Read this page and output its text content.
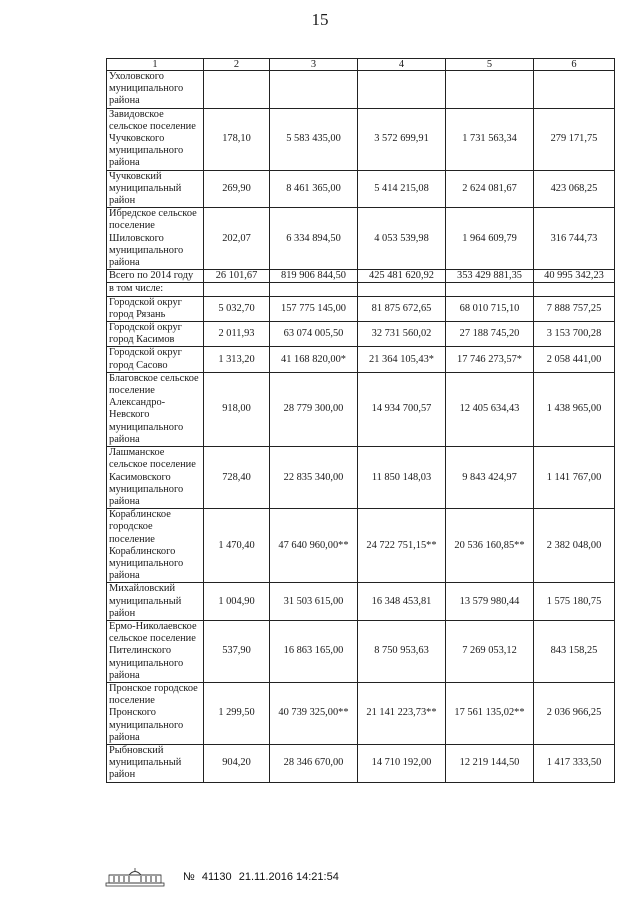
15
1	2	3	4	5	6
Ухоловского муниципального района					
Завидовское сельское поселение Чучковского муниципального района	178,10	5 583 435,00	3 572 699,91	1 731 563,34	279 171,75
Чучковский муниципальный район	269,90	8 461 365,00	5 414 215,08	2 624 081,67	423 068,25
Ибредское сельское поселение Шиловского муниципального района	202,07	6 334 894,50	4 053 539,98	1 964 609,79	316 744,73
Всего по 2014 году	26 101,67	819 906 844,50	425 481 620,92	353 429 881,35	40 995 342,23
в том числе:					
Городской округ город Рязань	5 032,70	157 775 145,00	81 875 672,65	68 010 715,10	7 888 757,25
Городской округ город Касимов	2 011,93	63 074 005,50	32 731 560,02	27 188 745,20	3 153 700,28
Городской округ город Сасово	1 313,20	41 168 820,00*	21 364 105,43*	17 746 273,57*	2 058 441,00
Благовское сельское поселение Александро-Невского муниципального района	918,00	28 779 300,00	14 934 700,57	12 405 634,43	1 438 965,00
Лашманское сельское поселение Касимовского муниципального района	728,40	22 835 340,00	11 850 148,03	9 843 424,97	1 141 767,00
Кораблинское городское поселение Кораблинского муниципального района	1 470,40	47 640 960,00**	24 722 751,15**	20 536 160,85**	2 382 048,00
Михайловский муниципальный район	1 004,90	31 503 615,00	16 348 453,81	13 579 980,44	1 575 180,75
Ермо-Николаевское сельское поселение Пителинского муниципального района	537,90	16 863 165,00	8 750 953,63	7 269 053,12	843 158,25
Пронское городское поселение Пронского муниципального района	1 299,50	40 739 325,00**	21 141 223,73**	17 561 135,02**	2 036 966,25
Рыбновский муниципальный район	904,20	28 346 670,00	14 710 192,00	12 219 144,50	1 417 333,50
№ 41130 21.11.2016 14:21:54
